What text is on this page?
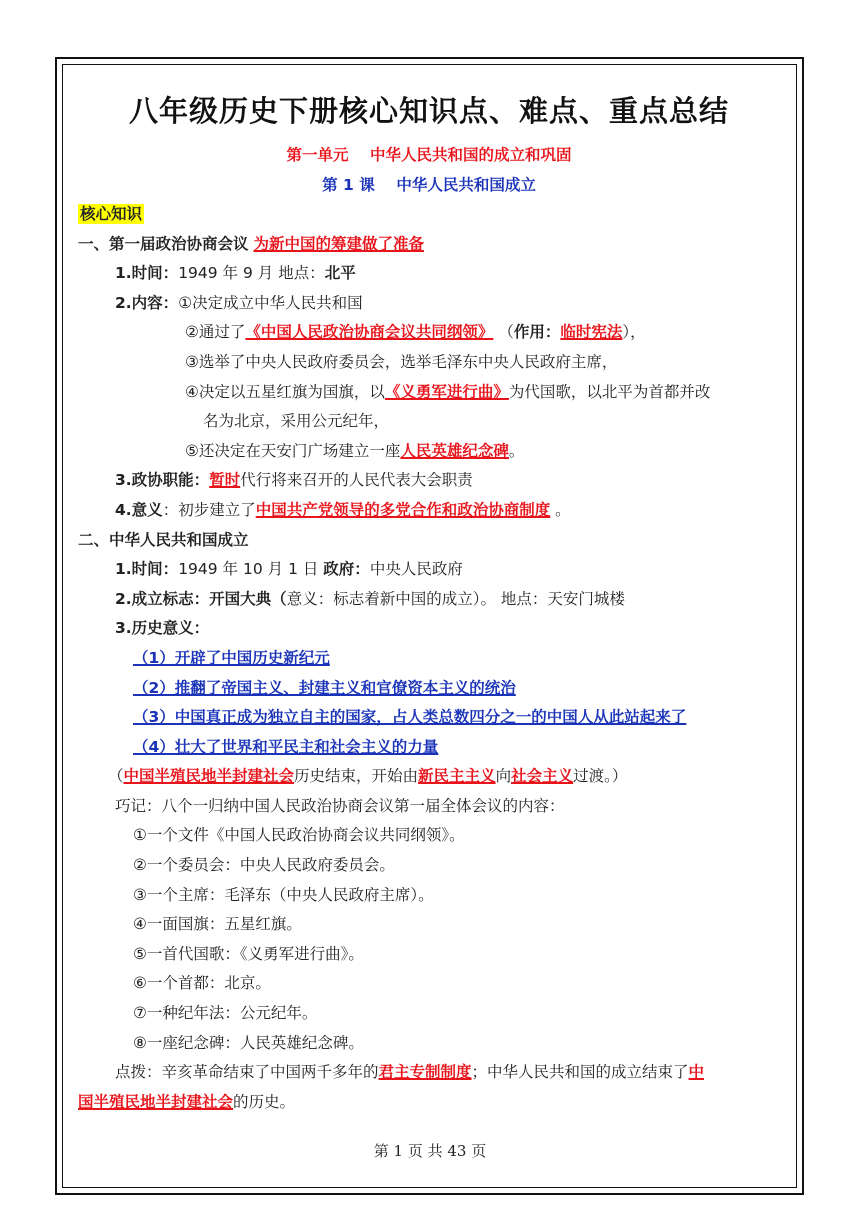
八年级历史下册核心知识点、难点、重点总结
第一单元    中华人民共和国的成立和巩固
第 1 课    中华人民共和国成立
核心知识
一、第一届政治协商会议 为新中国的筹建做了准备
1.时间：1949 年 9 月 地点：北平
2.内容：①决定成立中华人民共和国
②通过了《中国人民政治协商会议共同纲领》 （作用：临时宪法），
③选举了中央人民政府委员会，选举毛泽东中央人民政府主席，
④决定以五星红旗为国旗，以《义勇军进行曲》为代国歌，以北平为首都并改
名为北京，采用公元纪年，
⑤还决定在天安门广场建立一座人民英雄纪念碑。
3.政协职能：暂时代行将来召开的人民代表大会职责
4.意义：初步建立了中国共产党领导的多党合作和政治协商制度 。
二、中华人民共和国成立
1.时间：1949 年 10 月 1 日 政府：中央人民政府
2.成立标志：开国大典（意义：标志着新中国的成立）。 地点：天安门城楼
3.历史意义：
（1）开辟了中国历史新纪元
（2）推翻了帝国主义、封建主义和官僚资本主义的统治
（3）中国真正成为独立自主的国家，占人类总数四分之一的中国人从此站起来了
（4）壮大了世界和平民主和社会主义的力量
（中国半殖民地半封建社会历史结束，开始由新民主主义向社会主义过渡。）
巧记：八个一归纳中国人民政治协商会议第一届全体会议的内容：
①一个文件《中国人民政治协商会议共同纲领》。
②一个委员会：中央人民政府委员会。
③一个主席：毛泽东（中央人民政府主席）。
④一面国旗：五星红旗。
⑤一首代国歌：《义勇军进行曲》。
⑥一个首都：北京。
⑦一种纪年法：公元纪年。
⑧一座纪念碑：人民英雄纪念碑。
点拨：辛亥革命结束了中国两千多年的君主专制制度；中华人民共和国的成立结束了中
国半殖民地半封建社会的历史。
第 1 页 共 43 页
